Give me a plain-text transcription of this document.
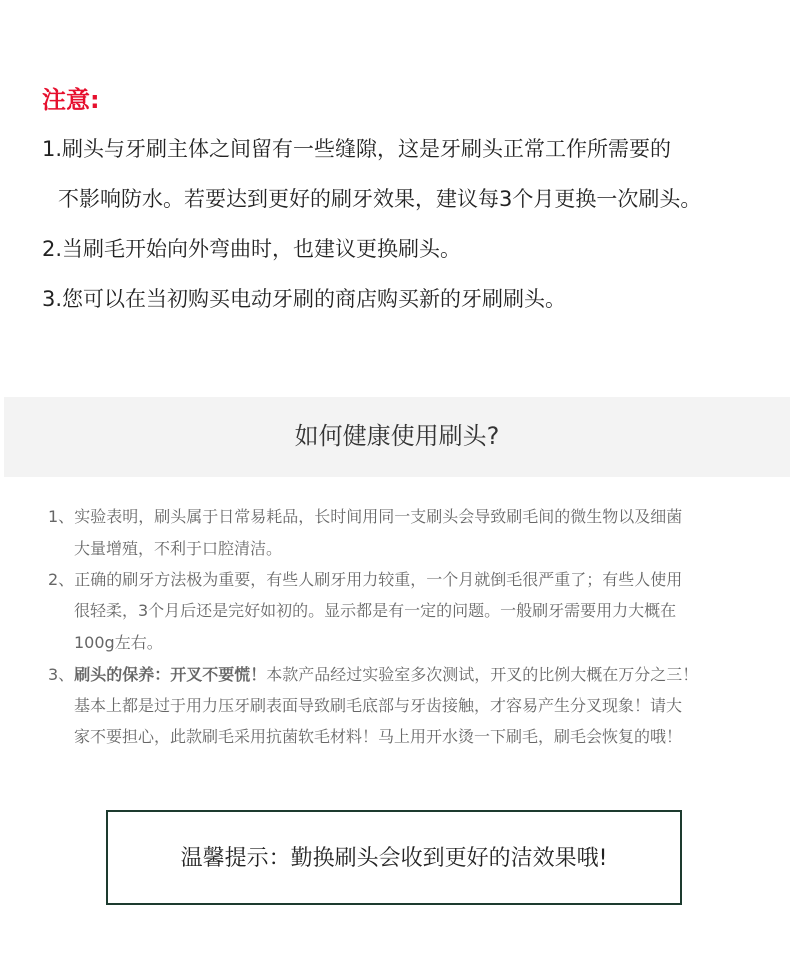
注意:
1.刷头与牙刷主体之间留有一些缝隙，这是牙刷头正常工作所需要的
不影响防水。若要达到更好的刷牙效果，建议每3个月更换一次刷头。
2.当刷毛开始向外弯曲时，也建议更换刷头。
3.您可以在当初购买电动牙刷的商店购买新的牙刷刷头。
如何健康使用刷头?
1、实验表明，刷头属于日常易耗品，长时间用同一支刷头会导致刷毛间的微生物以及细菌
大量增殖，不利于口腔清洁。
2、正确的刷牙方法极为重要，有些人刷牙用力较重，一个月就倒毛很严重了；有些人使用
很轻柔，3个月后还是完好如初的。显示都是有一定的问题。一般刷牙需要用力大概在
100g左右。
3、刷头的保养：开叉不要慌！本款产品经过实验室多次测试，开叉的比例大概在万分之三！
基本上都是过于用力压牙刷表面导致刷毛底部与牙齿接触，才容易产生分叉现象！请大
家不要担心，此款刷毛采用抗菌软毛材料！马上用开水烫一下刷毛，刷毛会恢复的哦！
温馨提示：勤换刷头会收到更好的洁效果哦!
